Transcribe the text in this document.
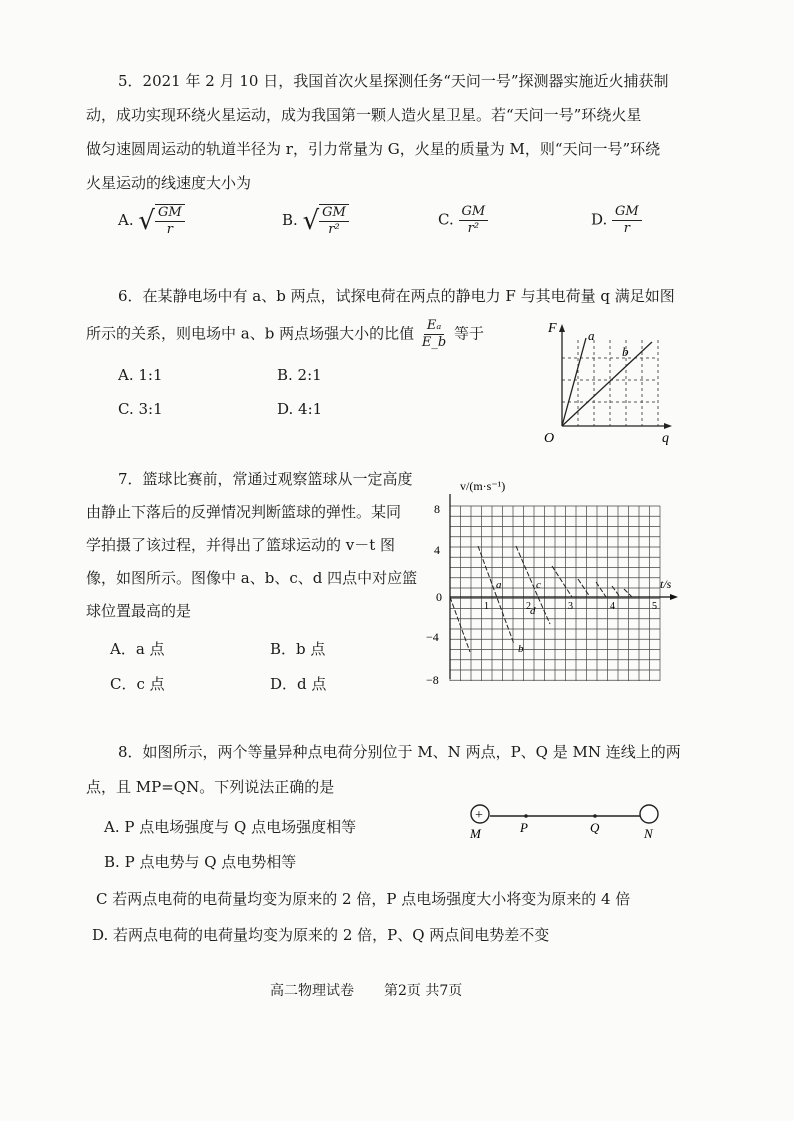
5．2021 年 2 月 10 日，我国首次火星探测任务“天问一号”探测器实施近火捕获制
动，成功实现环绕火星运动，成为我国第一颗人造火星卫星。若“天问一号”环绕火星
做匀速圆周运动的轨道半径为 r，引力常量为 G，火星的质量为 M，则“天问一号”环绕
火星运动的线速度大小为
A. √ $\frac{GM}{r}$	B. √ $\frac{GM}{\text{r²}}$	C. $\frac{GM}{\text{r²}}$	D. $\frac{GM}{r}$
6．在某静电场中有 a、b 两点，试探电荷在两点的静电力 F 与其电荷量 q 满足如图
所示的关系，则电场中 a、b 两点场强大小的比值 $\frac{\text{Eₐ}}{E\_b}$ 等于
A. 1:1	B. 2:1
C. 3:1	D. 4:1
F
q
O
a
b
7．篮球比赛前，常通过观察篮球从一定高度
由静止下落后的反弹情况判断篮球的弹性。某同
学拍摄了该过程，并得出了篮球运动的 v－t 图
像，如图所示。图像中 a、b、c、d 四点中对应篮
球位置最高的是
A．a 点	B．b 点
C．c 点	D．d 点
v/(m·s⁻¹)
t/s
8
4
0
−4
−8
1	2	3	4	5
a
b
c
d
8．如图所示，两个等量异种点电荷分别位于 M、N 两点，P、Q 是 MN 连线上的两
点，且 MP=QN。下列说法正确的是
A. P 点电场强度与 Q 点电场强度相等
B. P 点电势与 Q 点电势相等
C 若两点电荷的电荷量均变为原来的 2 倍，P 点电场强度大小将变为原来的 4 倍
D. 若两点电荷的电荷量均变为原来的 2 倍，P、Q 两点间电势差不变
+
M	P	Q	N
高二物理试卷 第2页 共7页
